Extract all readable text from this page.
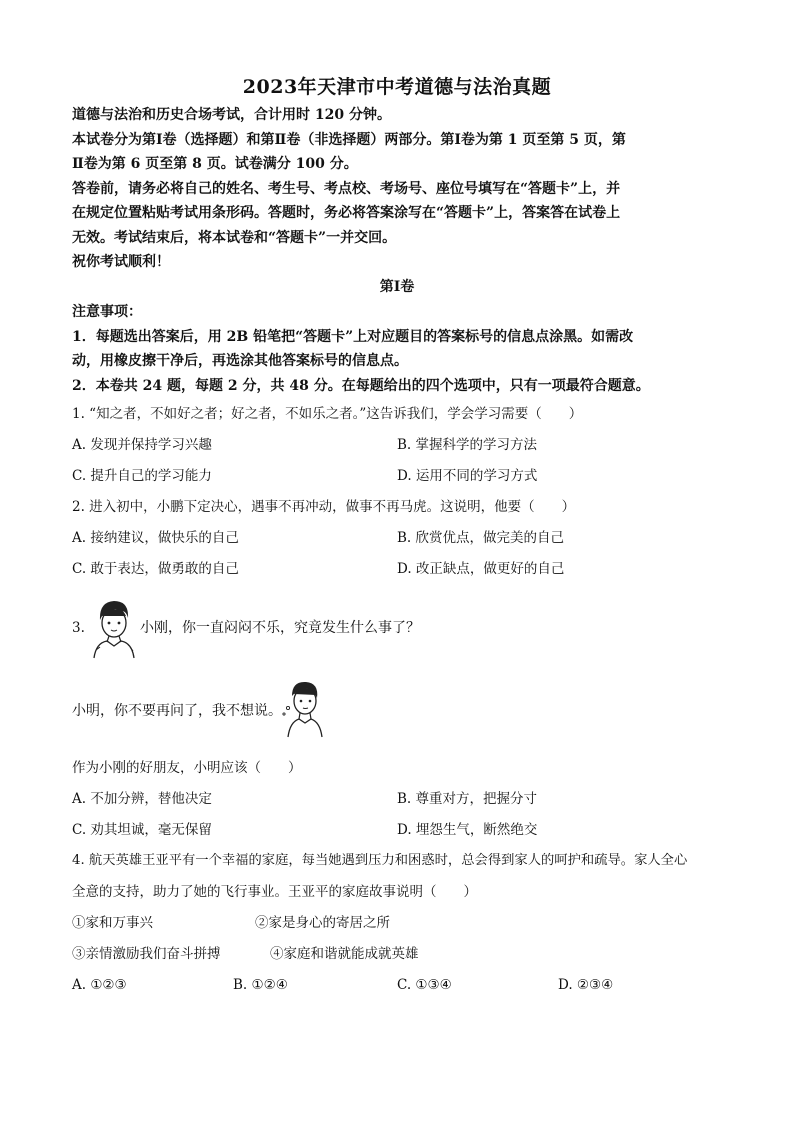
2023年天津市中考道德与法治真题

道德与法治和历史合场考试，合计用时 120 分钟。

本试卷分为第Ⅰ卷（选择题）和第Ⅱ卷（非选择题）两部分。第Ⅰ卷为第 1 页至第 5 页，第

Ⅱ卷为第 6 页至第 8 页。试卷满分 100 分。

答卷前，请务必将自己的姓名、考生号、考点校、考场号、座位号填写在“答题卡”上，并

在规定位置粘贴考试用条形码。答题时，务必将答案涂写在“答题卡”上，答案答在试卷上

无效。考试结束后，将本试卷和“答题卡”一并交回。

祝你考试顺利！

第Ⅰ卷

注意事项：

1．每题选出答案后，用 2B 铅笔把“答题卡”上对应题目的答案标号的信息点涂黑。如需改

动，用橡皮擦干净后，再选涂其他答案标号的信息点。

2．本卷共 24 题，每题 2 分，共 48 分。在每题给出的四个选项中，只有一项最符合题意。

1. “知之者，不如好之者；好之者，不如乐之者。”这告诉我们，学会学习需要（　　）
A. 发现并保持学习兴趣	B. 掌握科学的学习方法
C. 提升自己的学习能力	D. 运用不同的学习方式
2. 进入初中，小鹏下定决心，遇事不再冲动，做事不再马虎。这说明，他要（　　）
A. 接纳建议，做快乐的自己	B. 欣赏优点，做完美的自己
C. 敢于表达，做勇敢的自己	D. 改正缺点，做更好的自己
3.	小刚，你一直闷闷不乐，究竟发生什么事了？
小明，你不要再问了，我不想说。
作为小刚的好朋友，小明应该（　　）
A. 不加分辨，替他决定	B. 尊重对方，把握分寸
C. 劝其坦诚，毫无保留	D. 埋怨生气，断然绝交
4. 航天英雄王亚平有一个幸福的家庭，每当她遇到压力和困惑时，总会得到家人的呵护和疏导。家人全心
全意的支持，助力了她的飞行事业。王亚平的家庭故事说明（　　）
①家和万事兴	②家是身心的寄居之所
③亲情激励我们奋斗拼搏	④家庭和谐就能成就英雄
A. ①②③	B. ①②④	C. ①③④	D. ②③④
